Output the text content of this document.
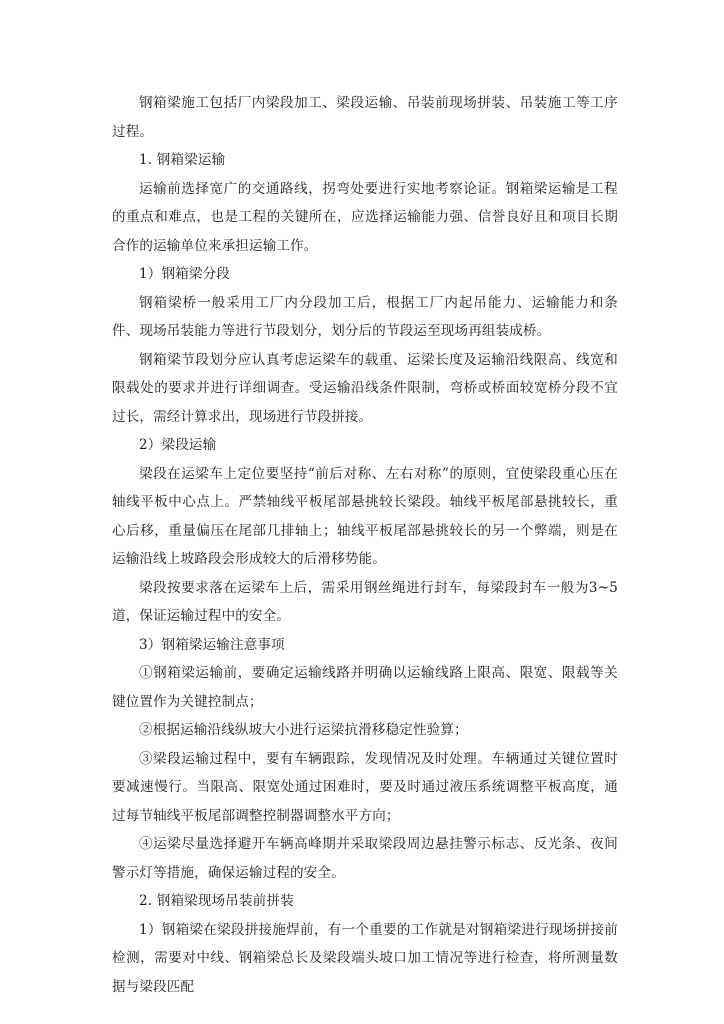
钢箱梁施工包括厂内梁段加工、梁段运输、吊装前现场拼装、吊装施工等工序过程。

1. 钢箱梁运输

运输前选择宽广的交通路线，拐弯处要进行实地考察论证。钢箱梁运输是工程的重点和难点，也是工程的关键所在，应选择运输能力强、信誉良好且和项目长期合作的运输单位来承担运输工作。

1）钢箱梁分段

钢箱梁桥一般采用工厂内分段加工后，根据工厂内起吊能力、运输能力和条件、现场吊装能力等进行节段划分，划分后的节段运至现场再组装成桥。

钢箱梁节段划分应认真考虑运梁车的载重、运梁长度及运输沿线限高、线宽和限载处的要求并进行详细调查。受运输沿线条件限制，弯桥或桥面较宽桥分段不宜过长，需经计算求出，现场进行节段拼接。

2）梁段运输

梁段在运梁车上定位要坚持“前后对称、左右对称”的原则，宜使梁段重心压在轴线平板中心点上。严禁轴线平板尾部悬挑较长梁段。轴线平板尾部悬挑较长，重心后移，重量偏压在尾部几排轴上；轴线平板尾部悬挑较长的另一个弊端，则是在运输沿线上坡路段会形成较大的后滑移势能。

梁段按要求落在运梁车上后，需采用钢丝绳进行封车，每梁段封车一般为3~5道，保证运输过程中的安全。

3）钢箱梁运输注意事项

①钢箱梁运输前，要确定运输线路并明确以运输线路上限高、限宽、限载等关键位置作为关键控制点；

②根据运输沿线纵坡大小进行运梁抗滑移稳定性验算；

③梁段运输过程中，要有车辆跟踪，发现情况及时处理。车辆通过关键位置时要减速慢行。当限高、限宽处通过困难时，要及时通过液压系统调整平板高度，通过每节轴线平板尾部调整控制器调整水平方向；

④运梁尽量选择避开车辆高峰期并采取梁段周边悬挂警示标志、反光条、夜间警示灯等措施，确保运输过程的安全。

2. 钢箱梁现场吊装前拼装

1）钢箱梁在梁段拼接施焊前，有一个重要的工作就是对钢箱梁进行现场拼接前检测，需要对中线、钢箱梁总长及梁段端头坡口加工情况等进行检查，将所测量数据与梁段匹配
